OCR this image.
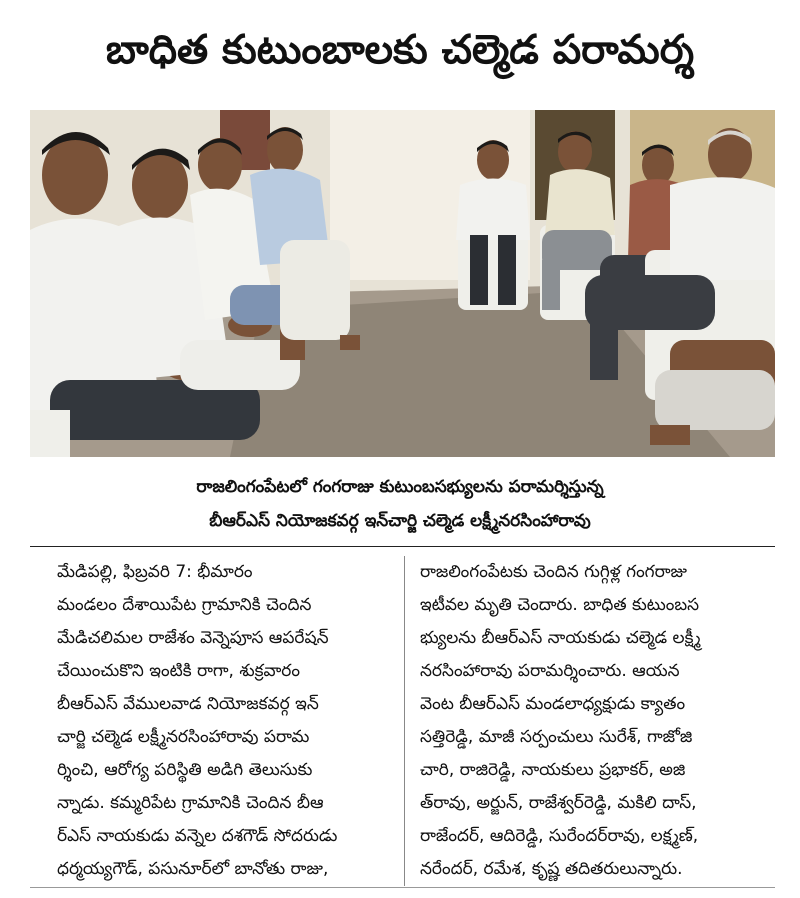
బాధిత కుటుంబాలకు చల్మెడ పరామర్శ
రాజలింగంపేటలో గంగరాజు కుటుంబసభ్యులను పరామర్శిస్తున్న
బీఆర్ఎస్ నియోజకవర్గ ఇన్‌చార్జి చల్మెడ లక్ష్మీనరసింహారావు
మేడిపల్లి, ఫిబ్రవరి 7: భీమారం
మండలం దేశాయిపేట గ్రామానికి చెందిన
మేడిచలిమల రాజేశం వెన్నెపూస ఆపరేషన్
చేయించుకొని ఇంటికి రాగా, శుక్రవారం
బీఆర్ఎస్ వేములవాడ నియోజకవర్గ ఇన్
చార్జి చల్మెడ లక్ష్మీనరసింహారావు పరామ
ర్శించి, ఆరోగ్య పరిస్థితి అడిగి తెలుసుకు
న్నాడు. కమ్మరిపేట గ్రామానికి చెందిన బీఆ
ర్ఎస్ నాయకుడు వన్నెల దశగౌడ్ సోదరుడు
ధర్మయ్యగౌడ్, పసునూర్‌లో బానోతు రాజు,
రాజలింగంపేటకు చెందిన గుగ్గిళ్ల గంగరాజు
ఇటీవల మృతి చెందారు. బాధిత కుటుంబస
భ్యులను బీఆర్ఎస్ నాయకుడు చల్మెడ లక్ష్మీ
నరసింహారావు పరామర్శించారు. ఆయన
వెంట బీఆర్ఎస్ మండలాధ్యక్షుడు క్యాతం
సత్తిరెడ్డి, మాజీ సర్పంచులు సురేశ్, గాజోజి
చారి, రాజిరెడ్డి, నాయకులు ప్రభాకర్, అజి
త్‌రావు, అర్జున్, రాజేశ్వర్‌రెడ్డి, మకిలి దాస్,
రాజేందర్, ఆదిరెడ్డి, సురేందర్‌రావు, లక్ష్మణ్,
నరేందర్, రమేశ, కృష్ణ తదితరులున్నారు.
